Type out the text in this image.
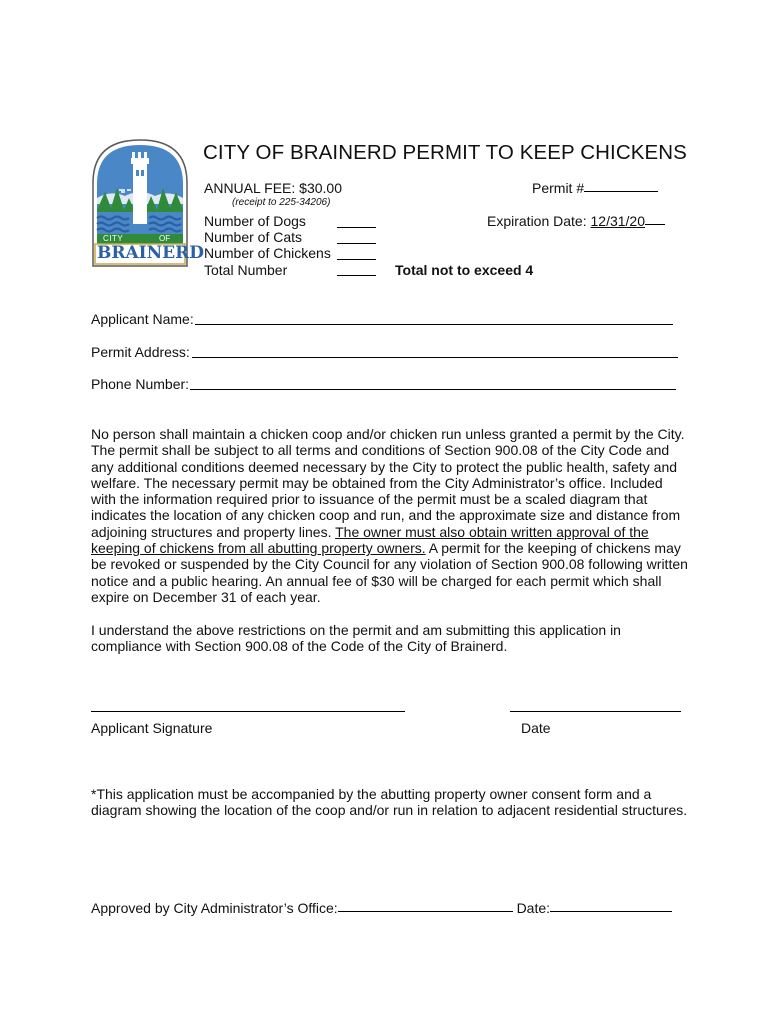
CITY	OF
BRAINERD
CITY OF BRAINERD PERMIT TO KEEP CHICKENS
ANNUAL FEE: $30.00
(receipt to 225-34206)
Permit #
Expiration Date: 12/31/20
Number of Dogs
Number of Cats
Number of Chickens
Total Number	Total not to exceed 4
Applicant Name:
Permit Address:
Phone Number:
No person shall maintain a chicken coop and/or chicken run unless granted a permit by the City. The permit shall be subject to all terms and conditions of Section 900.08 of the City Code and any additional conditions deemed necessary by the City to protect the public health, safety and welfare. The necessary permit may be obtained from the City Administrator’s office. Included with the information required prior to issuance of the permit must be a scaled diagram that indicates the location of any chicken coop and run, and the approximate size and distance from adjoining structures and property lines. The owner must also obtain written approval of the keeping of chickens from all abutting property owners. A permit for the keeping of chickens may be revoked or suspended by the City Council for any violation of Section 900.08 following written notice and a public hearing. An annual fee of $30 will be charged for each permit which shall expire on December 31 of each year.
I understand the above restrictions on the permit and am submitting this application in compliance with Section 900.08 of the Code of the City of Brainerd.
Applicant Signature	Date
*This application must be accompanied by the abutting property owner consent form and a diagram showing the location of the coop and/or run in relation to adjacent residential structures.
Approved by City Administrator’s Office:	Date:
